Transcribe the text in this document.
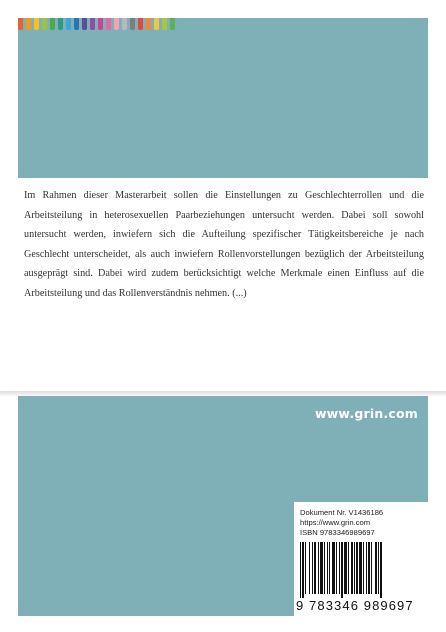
Im Rahmen dieser Masterarbeit sollen die Einstellungen zu Geschlechterrollen und die Arbeitsteilung in heterosexuellen Paarbeziehungen untersucht werden. Dabei soll sowohl untersucht werden, inwiefern sich die Aufteilung spezifischer Tätigkeitsbereiche je nach Geschlecht unterscheidet, als auch inwiefern Rollenvorstellungen bezüglich der Arbeitsteilung ausgeprägt sind. Dabei wird zudem berücksichtigt welche Merkmale einen Einfluss auf die Arbeitsteilung und das Rollenverständnis nehmen. (...)

www.grin.com
Dokument Nr. V1436186
https://www.grin.com
ISBN 9783346989697
9 783346 989697
